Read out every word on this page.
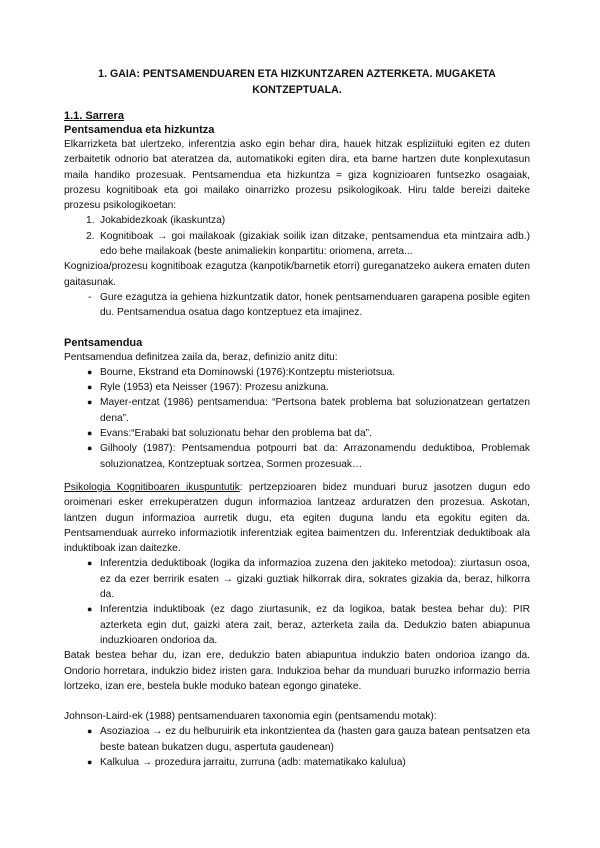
1. GAIA: PENTSAMENDUAREN ETA HIZKUNTZAREN AZTERKETA. MUGAKETA KONTZEPTUALA.
1.1. Sarrera
Pentsamendua eta hizkuntza

Elkarrizketa bat ulertzeko, inferentzia asko egin behar dira, hauek hitzak espliziituki egiten ez duten zerbaitetik odnorio bat ateratzea da, automatikoki egiten dira, eta barne hartzen dute konplexutasun maila handiko prozesuak. Pentsamendua eta hizkuntza = giza kognizioaren funtsezko osagaiak, prozesu kognitiboak eta goi mailako oinarrizko prozesu psikologikoak. Hiru talde bereizi daiteke prozesu psikologikoetan:

1. Jokabidezkoak (ikaskuntza)
2. Kognitiboak → goi mailakoak (gizakiak soilik izan ditzake, pentsamendua eta mintzaira adb.) edo behe mailakoak (beste animaliekin konpartitu: oriomena, arreta...

Kognizioa/prozesu kognitiboak ezagutza (kanpotik/barnetik etorri) gureganatzeko aukera ematen duten gaitasunak.

- Gure ezagutza ia gehiena hizkuntzatik dator, honek pentsamenduaren garapena posible egiten du. Pentsamendua osatua dago kontzeptuez eta imajinez.
Pentsamendua

Pentsamendua definitzea zaila da, beraz, definizio anitz ditu:

● Bourne, Ekstrand eta Dominowski (1976):Kontzeptu misteriotsua.
● Ryle (1953) eta Neisser (1967): Prozesu anizkuna.
● Mayer-entzat (1986) pentsamendua: “Pertsona batek problema bat soluzionatzean gertatzen dena”.
● Evans:“Erabaki bat soluzionatu behar den problema bat da”.
● Gilhooly (1987): Pentsamendua potpourri bat da: Arrazonamendu deduktiboa, Problemak soluzionatzea, Kontzeptuak sortzea, Sormen prozesuak…

Psikologia Kognitiboaren ikuspuntutik: pertzepzioaren bidez munduari buruz jasotzen dugun edo oroimenari esker errekuperatzen dugun informazioa lantzeaz arduratzen den prozesua. Askotan, lantzen dugun informazioa aurretik dugu, eta egiten duguna landu eta egokitu egiten da. Pentsamenduak aurreko informaziotik inferentziak egitea baimentzen du. Inferentziak deduktiboak ala induktiboak izan daitezke.

● Inferentzia deduktiboak (logika da informazioa zuzena den jakiteko metodoa): ziurtasun osoa, ez da ezer berririk esaten → gizaki guztiak hilkorrak dira, sokrates gizakia da, beraz, hilkorra da.
● Inferentzia induktiboak (ez dago ziurtasunik, ez da logikoa, batak bestea behar du): PIR azterketa egin dut, gaizki atera zait, beraz, azterketa zaila da. Dedukzio baten abiapunua induzkioaren ondorioa da.

Batak bestea behar du, izan ere, dedukzio baten abiapuntua indukzio baten ondorioa izango da. Ondorio horretara, indukzio bidez iristen gara. Indukzioa behar da munduari buruzko informazio berria lortzeko, izan ere, bestela bukle moduko batean egongo ginateke.

Johnson-Laird-ek (1988) pentsamenduaren taxonomia egin (pentsamendu motak):

● Asoziazioa → ez du helburuirik eta inkontzientea da (hasten gara gauza batean pentsatzen eta beste batean bukatzen dugu, aspertuta gaudenean)
● Kalkulua → prozedura jarraitu, zurruna (adb: matematikako kalulua)
